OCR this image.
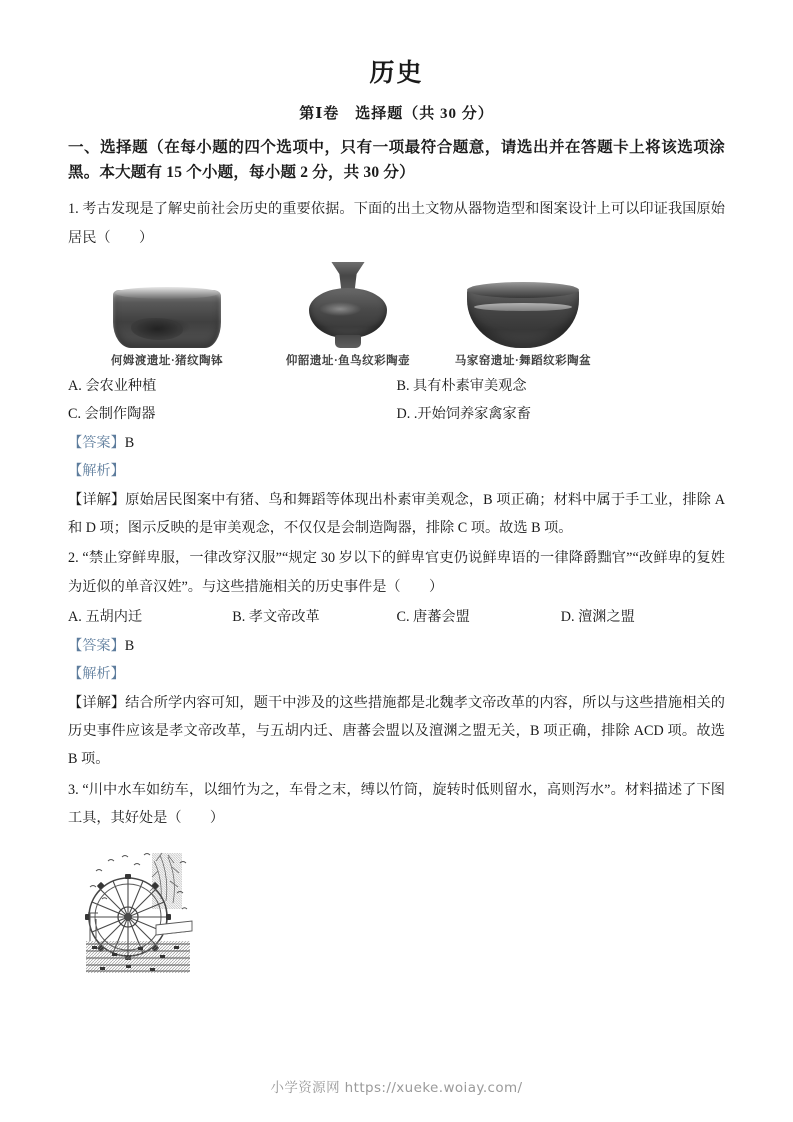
历史
第Ⅰ卷　选择题（共 30 分）
一、选择题（在每小题的四个选项中，只有一项最符合题意，请选出并在答题卡上将该选项涂黑。本大题有 15 个小题，每小题 2 分，共 30 分）

1. 考古发现是了解史前社会历史的重要依据。下面的出土文物从器物造型和图案设计上可以印证我国原始居民（　　）

何姆渡遗址·猪纹陶钵	仰韶遗址·鱼鸟纹彩陶壶	马家窑遗址·舞蹈纹彩陶盆
A. 会农业种植	B. 具有朴素审美观念
C. 会制作陶器	D. .开始饲养家禽家畜

【答案】B

【解析】

【详解】原始居民图案中有猪、鸟和舞蹈等体现出朴素审美观念，B 项正确；材料中属于手工业，排除 A 和 D 项；图示反映的是审美观念，不仅仅是会制造陶器，排除 C 项。故选 B 项。

2. “禁止穿鲜卑服，一律改穿汉服”“规定 30 岁以下的鲜卑官吏仍说鲜卑语的一律降爵黜官”“改鲜卑的复姓为近似的单音汉姓”。与这些措施相关的历史事件是（　　）

A. 五胡内迁	B. 孝文帝改革	C. 唐蕃会盟	D. 澶渊之盟

【答案】B

【解析】

【详解】结合所学内容可知，题干中涉及的这些措施都是北魏孝文帝改革的内容，所以与这些措施相关的历史事件应该是孝文帝改革，与五胡内迁、唐蕃会盟以及澶渊之盟无关，B 项正确，排除 ACD 项。故选 B 项。

3. “川中水车如纺车，以细竹为之，车骨之末，缚以竹筒，旋转时低则留水，高则泻水”。材料描述了下图工具，其好处是（　　）

小学资源网 https://xueke.woiay.com/
